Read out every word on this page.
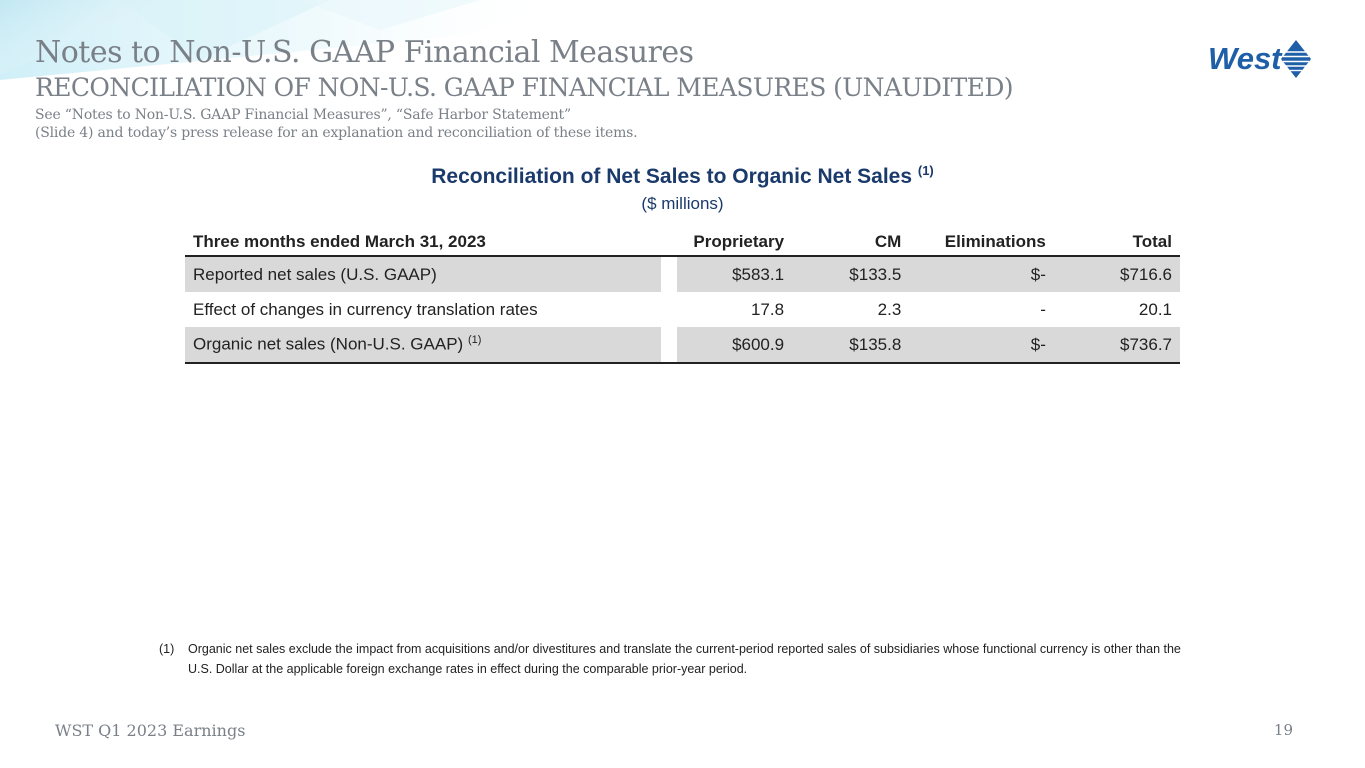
Notes to Non-U.S. GAAP Financial Measures
RECONCILIATION OF NON-U.S. GAAP FINANCIAL MEASURES (UNAUDITED)
See “Notes to Non-U.S. GAAP Financial Measures”, “Safe Harbor Statement”
(Slide 4) and today’s press release for an explanation and reconciliation of these items.
West
Reconciliation of Net Sales to Organic Net Sales $^{(1)}$
($ millions)
Three months ended March 31, 2023		Proprietary	CM	Eliminations	Total
Reported net sales (U.S. GAAP)		$583.1	$133.5	$-	$716.6
Effect of changes in currency translation rates		17.8	2.3	-	20.1
Organic net sales (Non-U.S. GAAP) $^{(1)}$		$600.9	$135.8	$-	$736.7
(1) Organic net sales exclude the impact from acquisitions and/or divestitures and translate the current-period reported sales of subsidiaries whose functional currency is other than the
U.S. Dollar at the applicable foreign exchange rates in effect during the comparable prior-year period.
WST Q1 2023 Earnings	19
